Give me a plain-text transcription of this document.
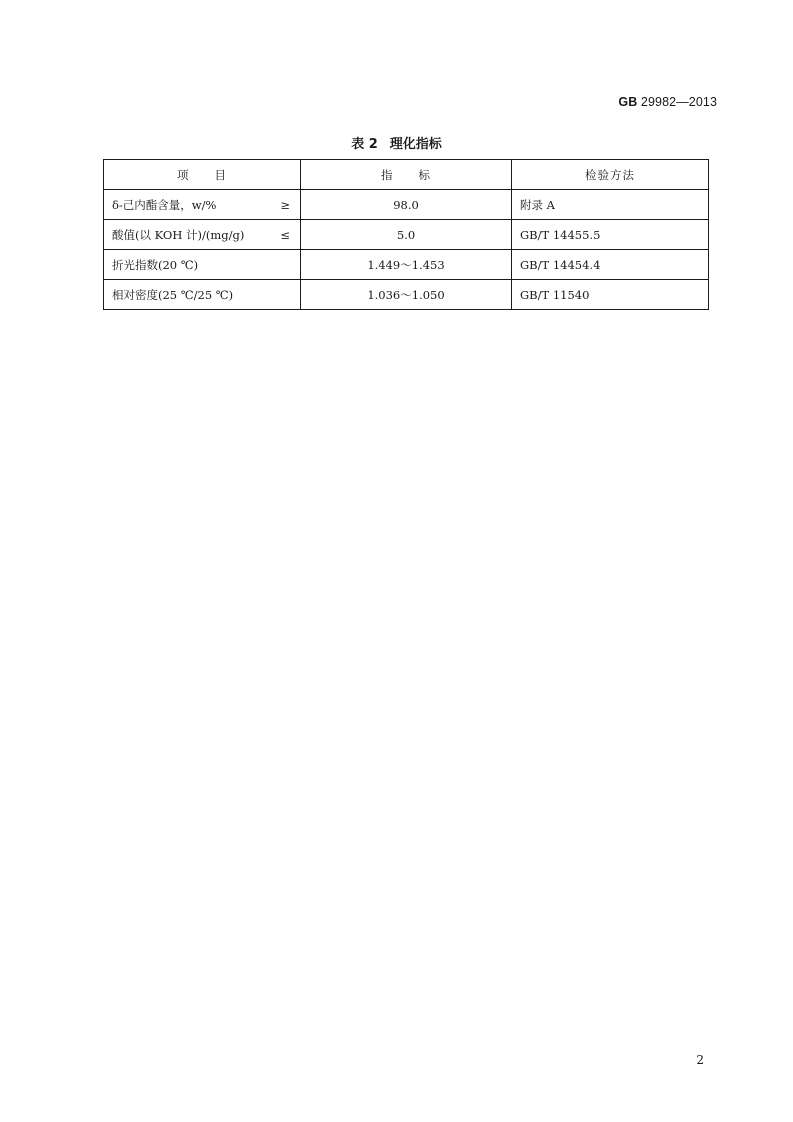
GB 29982—2013
表 2 理化指标
项　　目	指　　标	检验方法

δ-己内酯含量，w/% ≥	98.0	附录 A

酸值(以 KOH 计)/(mg/g) ≤	5.0	GB/T 14455.5

折光指数(20 ℃)	1.449～1.453	GB/T 14454.4

相对密度(25 ℃/25 ℃)	1.036～1.050	GB/T 11540
2
